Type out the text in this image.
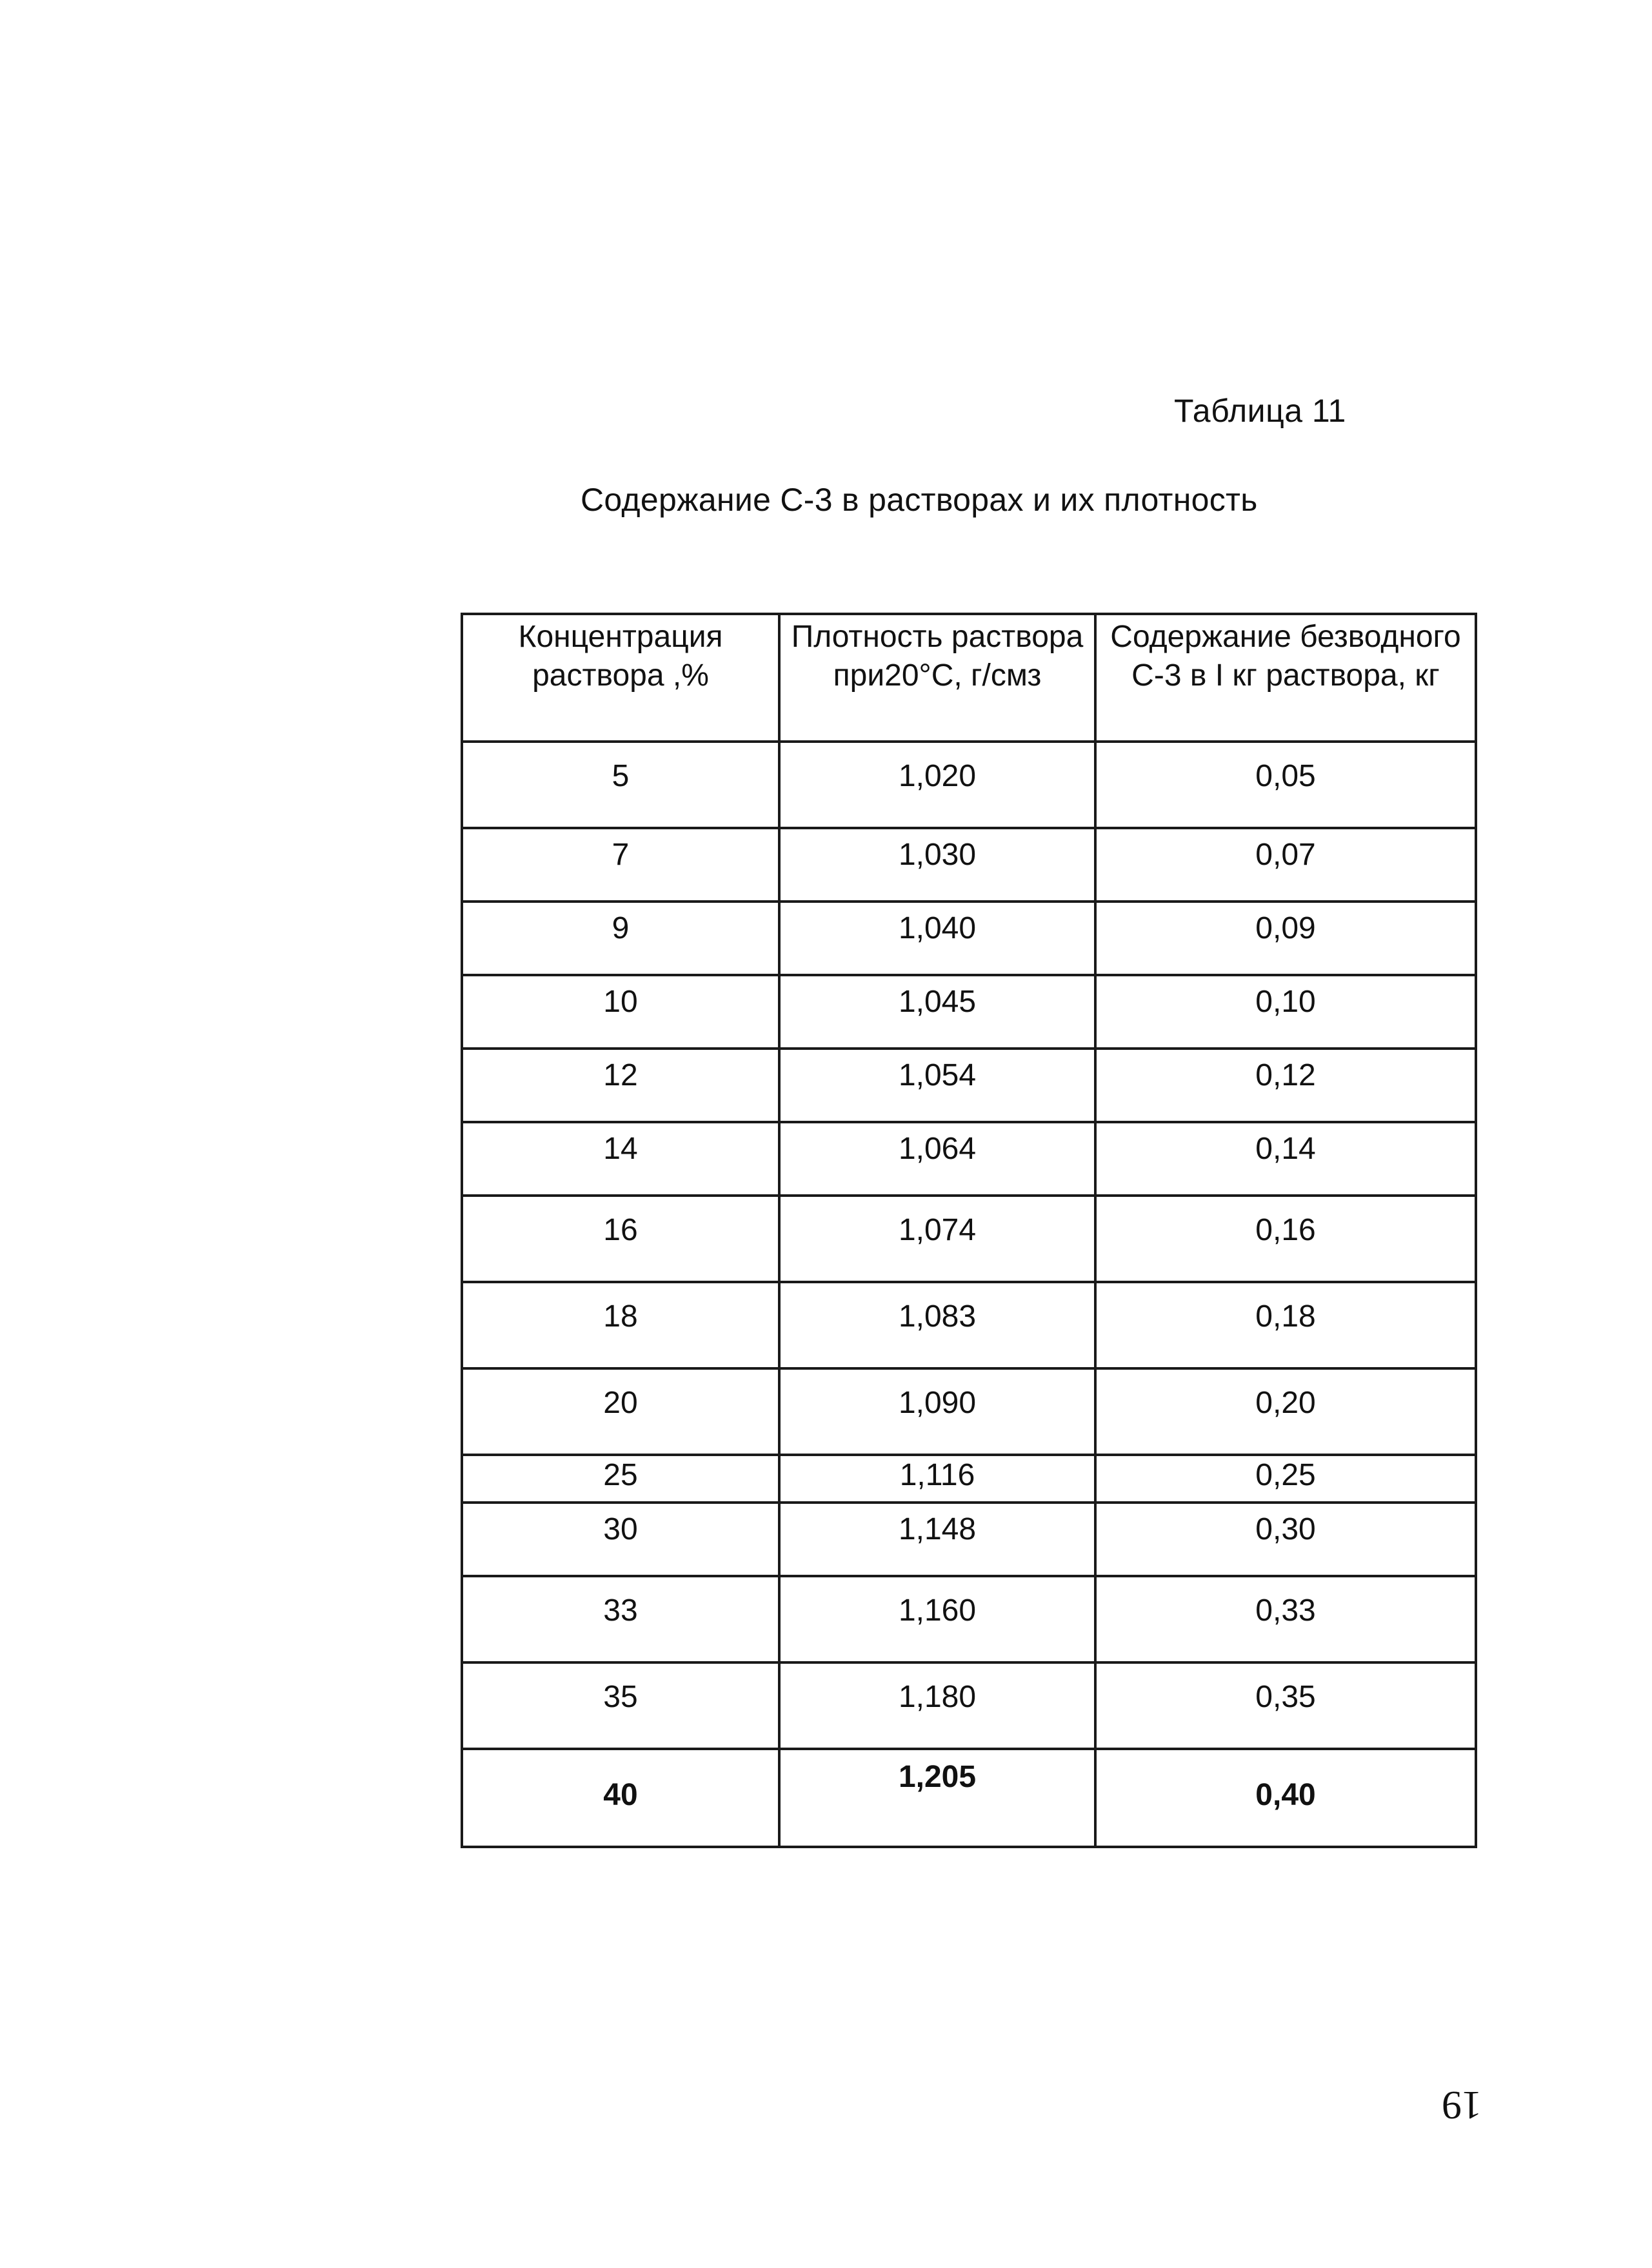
Таблица 11
Содержание С-3 в растворах и их плотность
Концентрация раствора ,%	Плотность раствора при20°С, г/смз	Содержание безводного С-3 в I кг раствора, кг
5	1,020	0,05
7	1,030	0,07
9	1,040	0,09
10	1,045	0,10
12	1,054	0,12
14	1,064	0,14
16	1,074	0,16
18	1,083	0,18
20	1,090	0,20
25	1,116	0,25
30	1,148	0,30
33	1,160	0,33
35	1,180	0,35
40	1,205	0,40
19
